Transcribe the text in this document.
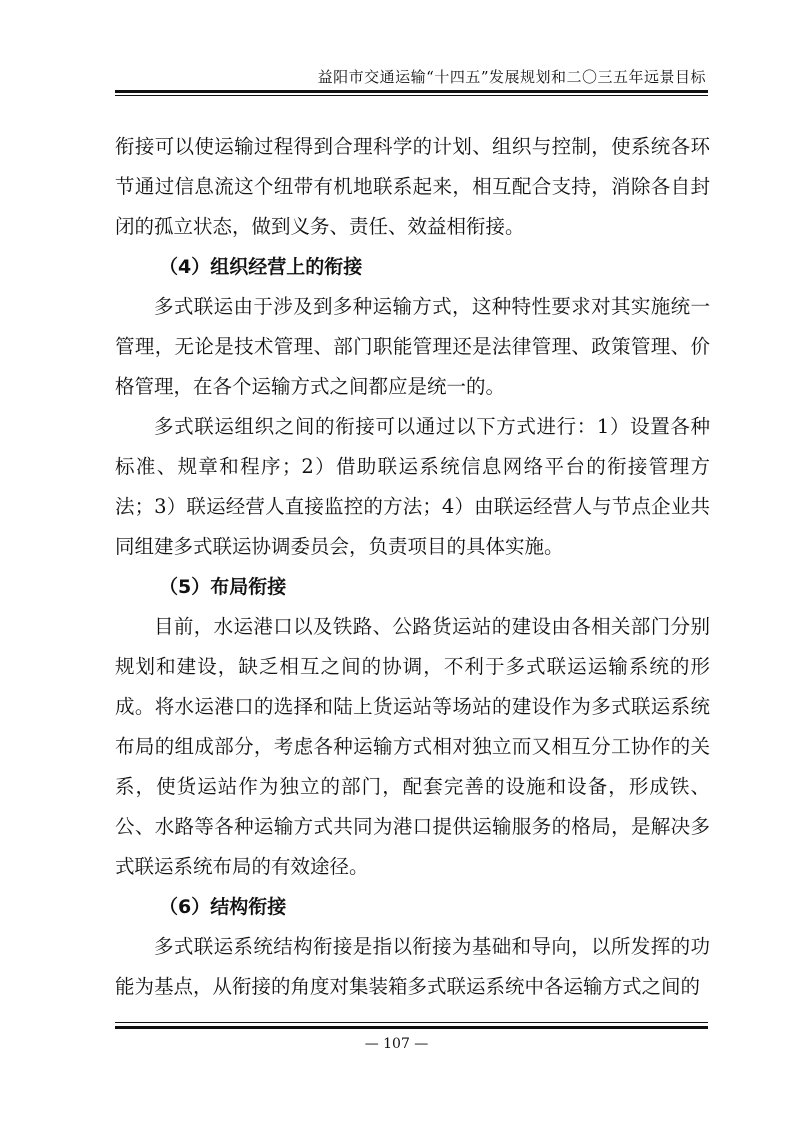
益阳市交通运输“十四五”发展规划和二〇三五年远景目标

衔接可以使运输过程得到合理科学的计划、组织与控制，使系统各环节通过信息流这个纽带有机地联系起来，相互配合支持，消除各自封闭的孤立状态，做到义务、责任、效益相衔接。

（4）组织经营上的衔接

多式联运由于涉及到多种运输方式，这种特性要求对其实施统一管理，无论是技术管理、部门职能管理还是法律管理、政策管理、价格管理，在各个运输方式之间都应是统一的。

多式联运组织之间的衔接可以通过以下方式进行：1）设置各种标准、规章和程序；2）借助联运系统信息网络平台的衔接管理方法；3）联运经营人直接监控的方法；4）由联运经营人与节点企业共同组建多式联运协调委员会，负责项目的具体实施。

（5）布局衔接

目前，水运港口以及铁路、公路货运站的建设由各相关部门分别规划和建设，缺乏相互之间的协调，不利于多式联运运输系统的形成。将水运港口的选择和陆上货运站等场站的建设作为多式联运系统布局的组成部分，考虑各种运输方式相对独立而又相互分工协作的关系，使货运站作为独立的部门，配套完善的设施和设备，形成铁、公、水路等各种运输方式共同为港口提供运输服务的格局，是解决多式联运系统布局的有效途径。

（6）结构衔接

多式联运系统结构衔接是指以衔接为基础和导向，以所发挥的功能为基点，从衔接的角度对集装箱多式联运系统中各运输方式之间的

— 107 —
